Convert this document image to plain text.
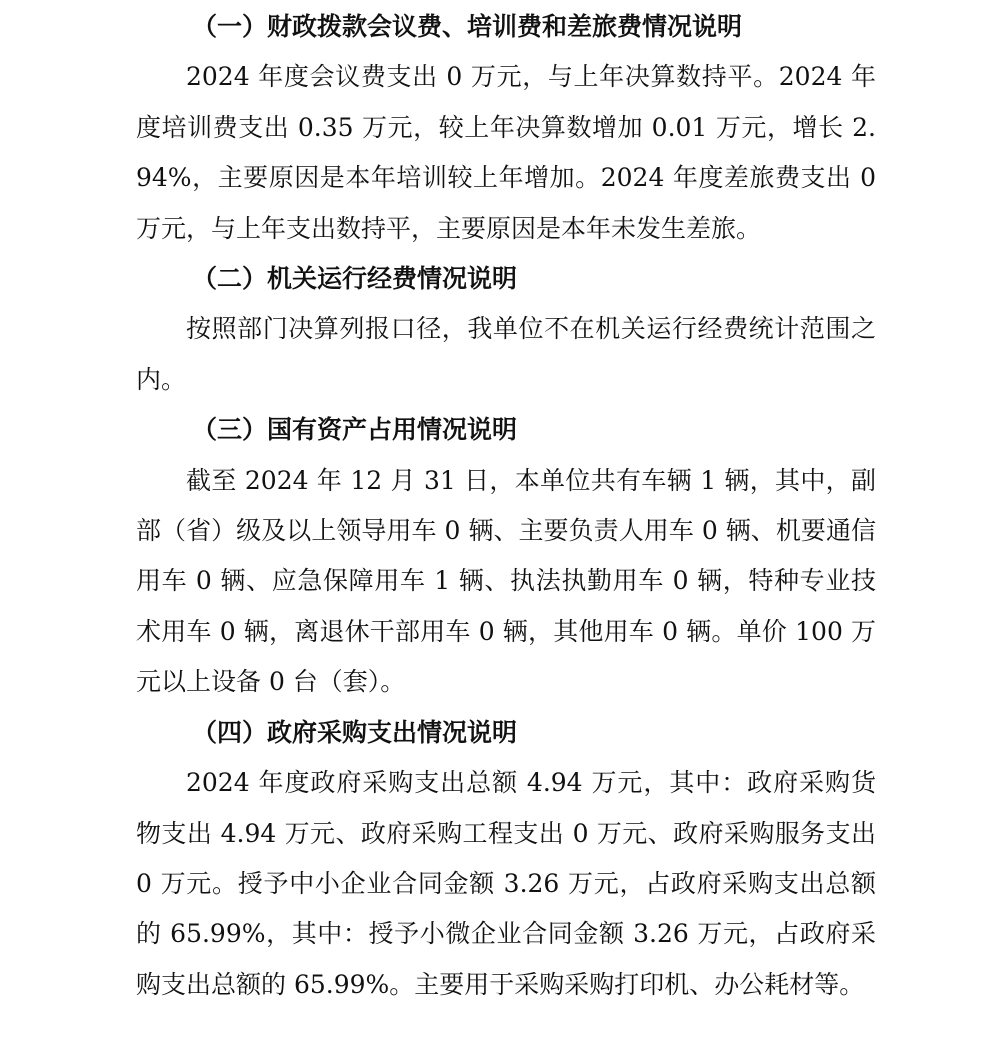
（一）财政拨款会议费、培训费和差旅费情况说明

2024 年度会议费支出 0 万元，与上年决算数持平。2024 年度培训费支出 0.35 万元，较上年决算数增加 0.01 万元，增长 2.94%，主要原因是本年培训较上年增加。2024 年度差旅费支出 0 万元，与上年支出数持平，主要原因是本年未发生差旅。

（二）机关运行经费情况说明

按照部门决算列报口径，我单位不在机关运行经费统计范围之内。

（三）国有资产占用情况说明

截至 2024 年 12 月 31 日，本单位共有车辆 1 辆，其中，副部（省）级及以上领导用车 0 辆、主要负责人用车 0 辆、机要通信用车 0 辆、应急保障用车 1 辆、执法执勤用车 0 辆，特种专业技术用车 0 辆，离退休干部用车 0 辆，其他用车 0 辆。单价 100 万元以上设备 0 台（套）。

（四）政府采购支出情况说明

2024 年度政府采购支出总额 4.94 万元，其中：政府采购货物支出 4.94 万元、政府采购工程支出 0 万元、政府采购服务支出 0 万元。授予中小企业合同金额 3.26 万元，占政府采购支出总额的 65.99%，其中：授予小微企业合同金额 3.26 万元，占政府采购支出总额的 65.99%。主要用于采购采购打印机、办公耗材等。
